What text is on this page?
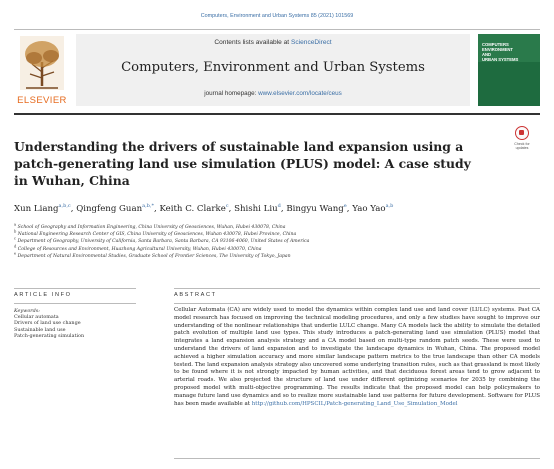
Computers, Environment and Urban Systems 85 (2021) 101569
ELSEVIER
Contents lists available at ScienceDirect
Computers, Environment and Urban Systems
journal homepage: www.elsevier.com/locate/ceus
COMPUTERS
ENVIRONMENT
AND
URBAN SYSTEMS
Check for updates
Understanding the drivers of sustainable land expansion using a patch-generating land use simulation (PLUS) model: A case study in Wuhan, China
Xun Liang$^{a,b,c}$, Qingfeng Guan$^{a,b,*}$, Keith C. Clarke$^c$, Shishi Liu$^d$, Bingyu Wang$^e$, Yao Yao$^{a,b}$
$^a$ School of Geography and Information Engineering, China University of Geosciences, Wuhan, Hubei 430078, China
$^b$ National Engineering Research Center of GIS, China University of Geosciences, Wuhan 430078, Hubei Province, China
$^c$ Department of Geography, University of California, Santa Barbara, Santa Barbara, CA 93106-4060, United States of America
$^d$ College of Resources and Environment, Huazhong Agricultural University, Wuhan, Hubei 430070, China
$^e$ Department of Natural Environmental Studies, Graduate School of Frontier Sciences, The University of Tokyo, Japan
ARTICLE INFO	ABSTRACT
Keywords:
Cellular automata
Drivers of land use change
Sustainable land use
Patch-generating simulation
Cellular Automata (CA) are widely used to model the dynamics within complex land use and land cover (LULC) systems. Past CA model research has focused on improving the technical modeling procedures, and only a few studies have sought to improve our understanding of the nonlinear relationships that underlie LULC change. Many CA models lack the ability to simulate the detailed patch evolution of multiple land use types. This study introduces a patch-generating land use simulation (PLUS) model that integrates a land expansion analysis strategy and a CA model based on multi-type random patch seeds. These were used to understand the drivers of land expansion and to investigate the landscape dynamics in Wuhan, China. The proposed model achieved a higher simulation accuracy and more similar landscape pattern metrics to the true landscape than other CA models tested. The land expansion analysis strategy also uncovered some underlying transition rules, such as that grassland is most likely to be found where it is not strongly impacted by human activities, and that deciduous forest areas tend to grow adjacent to arterial roads. We also projected the structure of land use under different optimizing scenarios for 2035 by combining the proposed model with multi-objective programming. The results indicate that the proposed model can help policymakers to manage future land use dynamics and so to realize more sustainable land use patterns for future development. Software for PLUS has been made available at http://github.com/HPSCIL/Patch-generating_Land_Use_Simulation_Model
